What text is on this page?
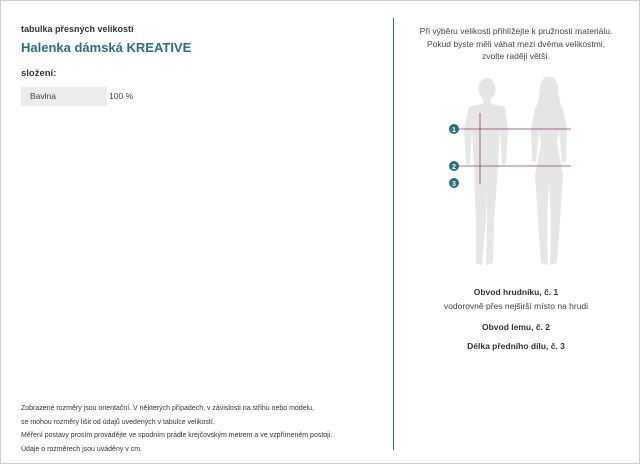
tabulka přesných velikostí
Halenka dámská KREATIVE
složení:
Bavlna	100 %
Zobrazené rozměry jsou orientační. V některých případech, v závislosti na střihu nebo modelu,
se mohou rozměry lišit od údajů uvedených v tabulce velikostí.
Měření postavy prosím provádějte ve spodním prádle krejčovským metrem a ve vzpřímeném postoji.
Údaje o rozměrech jsou uváděny v cm.
Při výběru velikosti přihlížejte k pružnosti materiálu.
Pokud byste měli váhat mezi dvěma velikostmi,
zvolte raději větší.
1
2
3
Obvod hrudníku, č. 1
vodorovně přes nejširší místo na hrudi
Obvod lemu, č. 2
Délka předního dílu, č. 3
